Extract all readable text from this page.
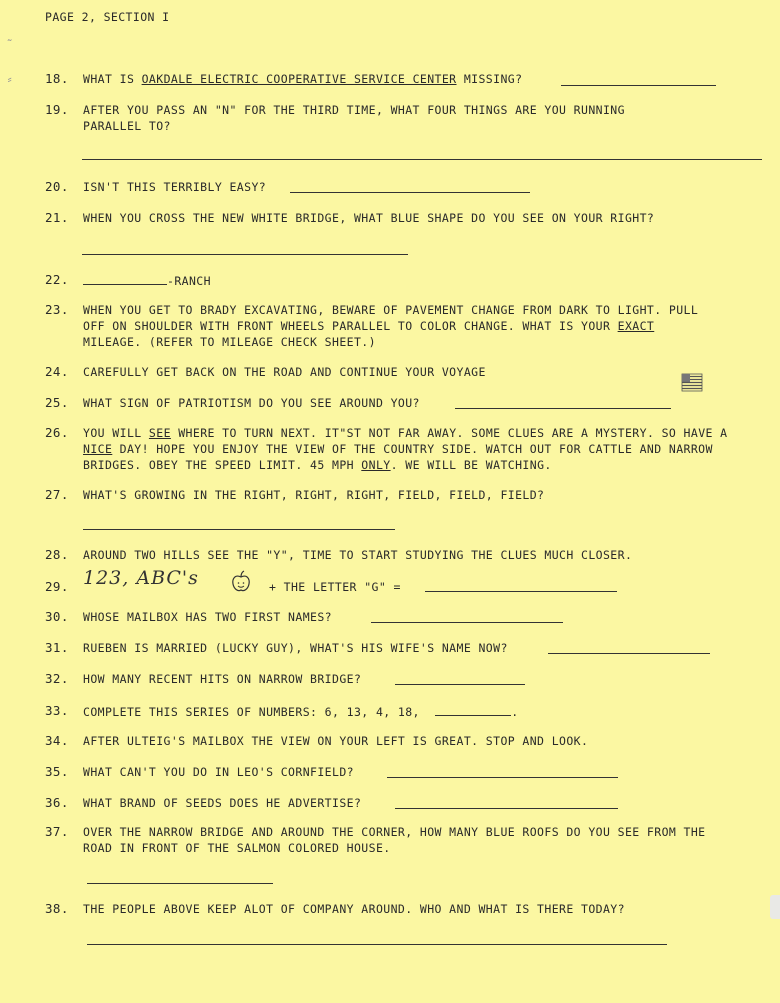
PAGE 2, SECTION I
˜
⸗	18.	WHAT IS OAKDALE ELECTRIC COOPERATIVE SERVICE CENTER MISSING?
19.	AFTER YOU PASS AN "N" FOR THE THIRD TIME, WHAT FOUR THINGS ARE YOU RUNNING PARALLEL TO?
20.	ISN'T THIS TERRIBLY EASY?
21.	WHEN YOU CROSS THE NEW WHITE BRIDGE, WHAT BLUE SHAPE DO YOU SEE ON YOUR RIGHT?
22.	-RANCH
23.	WHEN YOU GET TO BRADY EXCAVATING, BEWARE OF PAVEMENT CHANGE FROM DARK TO LIGHT. PULL OFF ON SHOULDER WITH FRONT WHEELS PARALLEL TO COLOR CHANGE. WHAT IS YOUR EXACT MILEAGE. (REFER TO MILEAGE CHECK SHEET.)
24.	CAREFULLY GET BACK ON THE ROAD AND CONTINUE YOUR VOYAGE
25.	WHAT SIGN OF PATRIOTISM DO YOU SEE AROUND YOU?
26.	YOU WILL SEE WHERE TO TURN NEXT. IT"ST NOT FAR AWAY. SOME CLUES ARE A MYSTERY. SO HAVE A NICE DAY! HOPE YOU ENJOY THE VIEW OF THE COUNTRY SIDE. WATCH OUT FOR CATTLE AND NARROW BRIDGES. OBEY THE SPEED LIMIT. 45 MPH ONLY. WE WILL BE WATCHING.
27.	WHAT'S GROWING IN THE RIGHT, RIGHT, RIGHT, FIELD, FIELD, FIELD?
28.	AROUND TWO HILLS SEE THE "Y", TIME TO START STUDYING THE CLUES MUCH CLOSER.
29. 123, ABC's	+ THE LETTER "G" =
30.	WHOSE MAILBOX HAS TWO FIRST NAMES?
31.	RUEBEN IS MARRIED (LUCKY GUY), WHAT'S HIS WIFE'S NAME NOW?
32.	HOW MANY RECENT HITS ON NARROW BRIDGE?
33.	COMPLETE THIS SERIES OF NUMBERS: 6, 13, 4, 18,	.
34.	AFTER ULTEIG'S MAILBOX THE VIEW ON YOUR LEFT IS GREAT. STOP AND LOOK.
35.	WHAT CAN'T YOU DO IN LEO'S CORNFIELD?
36.	WHAT BRAND OF SEEDS DOES HE ADVERTISE?
37.	OVER THE NARROW BRIDGE AND AROUND THE CORNER, HOW MANY BLUE ROOFS DO YOU SEE FROM THE ROAD IN FRONT OF THE SALMON COLORED HOUSE.
38.	THE PEOPLE ABOVE KEEP ALOT OF COMPANY AROUND. WHO AND WHAT IS THERE TODAY?
